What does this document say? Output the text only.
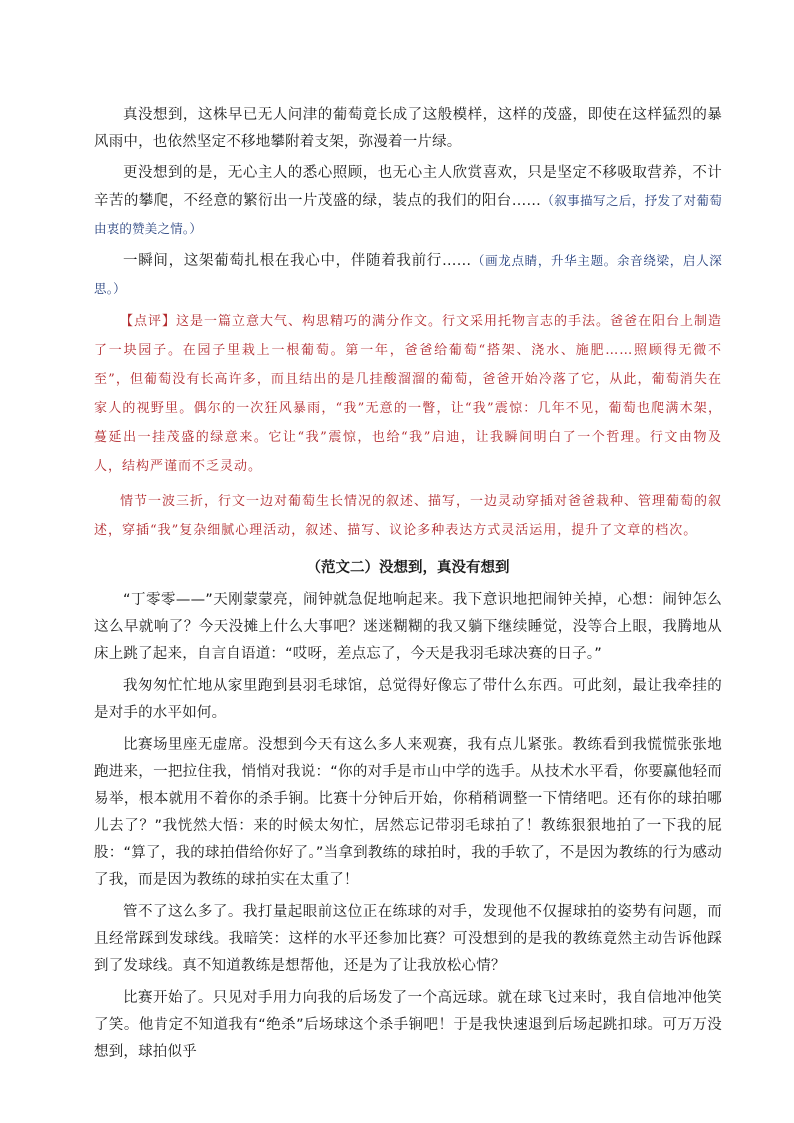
真没想到，这株早已无人问津的葡萄竟长成了这般模样，这样的茂盛，即使在这样猛烈的暴风雨中，也依然坚定不移地攀附着支架，弥漫着一片绿。

更没想到的是，无心主人的悉心照顾，也无心主人欣赏喜欢，只是坚定不移吸取营养，不计辛苦的攀爬，不经意的繁衍出一片茂盛的绿，装点的我们的阳台……（叙事描写之后，抒发了对葡萄由衷的赞美之情。）

一瞬间，这架葡萄扎根在我心中，伴随着我前行……（画龙点睛，升华主题。余音绕梁，启人深思。）

【点评】这是一篇立意大气、构思精巧的满分作文。行文采用托物言志的手法。爸爸在阳台上制造了一块园子。在园子里栽上一根葡萄。第一年，爸爸给葡萄“搭架、浇水、施肥……照顾得无微不至”，但葡萄没有长高许多，而且结出的是几挂酸溜溜的葡萄，爸爸开始冷落了它，从此，葡萄消失在家人的视野里。偶尔的一次狂风暴雨，“我”无意的一瞥，让“我”震惊：几年不见，葡萄也爬满木架，蔓延出一挂茂盛的绿意来。它让“我”震惊，也给“我”启迪，让我瞬间明白了一个哲理。行文由物及人，结构严谨而不乏灵动。

情节一波三折，行文一边对葡萄生长情况的叙述、描写，一边灵动穿插对爸爸栽种、管理葡萄的叙述，穿插“我”复杂细腻心理活动，叙述、描写、议论多种表达方式灵活运用，提升了文章的档次。

（范文二）没想到，真没有想到

“丁零零——”天刚蒙蒙亮，闹钟就急促地响起来。我下意识地把闹钟关掉，心想：闹钟怎么这么早就响了？今天没摊上什么大事吧？迷迷糊糊的我又躺下继续睡觉，没等合上眼，我腾地从床上跳了起来，自言自语道：“哎呀，差点忘了，今天是我羽毛球决赛的日子。”

我匆匆忙忙地从家里跑到县羽毛球馆，总觉得好像忘了带什么东西。可此刻，最让我牵挂的是对手的水平如何。

比赛场里座无虚席。没想到今天有这么多人来观赛，我有点儿紧张。教练看到我慌慌张张地跑进来，一把拉住我，悄悄对我说：“你的对手是市山中学的选手。从技术水平看，你要赢他轻而易举，根本就用不着你的杀手锏。比赛十分钟后开始，你稍稍调整一下情绪吧。还有你的球拍哪儿去了？”我恍然大悟：来的时候太匆忙，居然忘记带羽毛球拍了！教练狠狠地拍了一下我的屁股：“算了，我的球拍借给你好了。”当拿到教练的球拍时，我的手软了，不是因为教练的行为感动了我，而是因为教练的球拍实在太重了！

管不了这么多了。我打量起眼前这位正在练球的对手，发现他不仅握球拍的姿势有问题，而且经常踩到发球线。我暗笑：这样的水平还参加比赛？可没想到的是我的教练竟然主动告诉他踩到了发球线。真不知道教练是想帮他，还是为了让我放松心情？

比赛开始了。只见对手用力向我的后场发了一个高远球。就在球飞过来时，我自信地冲他笑了笑。他肯定不知道我有“绝杀”后场球这个杀手锏吧！于是我快速退到后场起跳扣球。可万万没想到，球拍似乎
